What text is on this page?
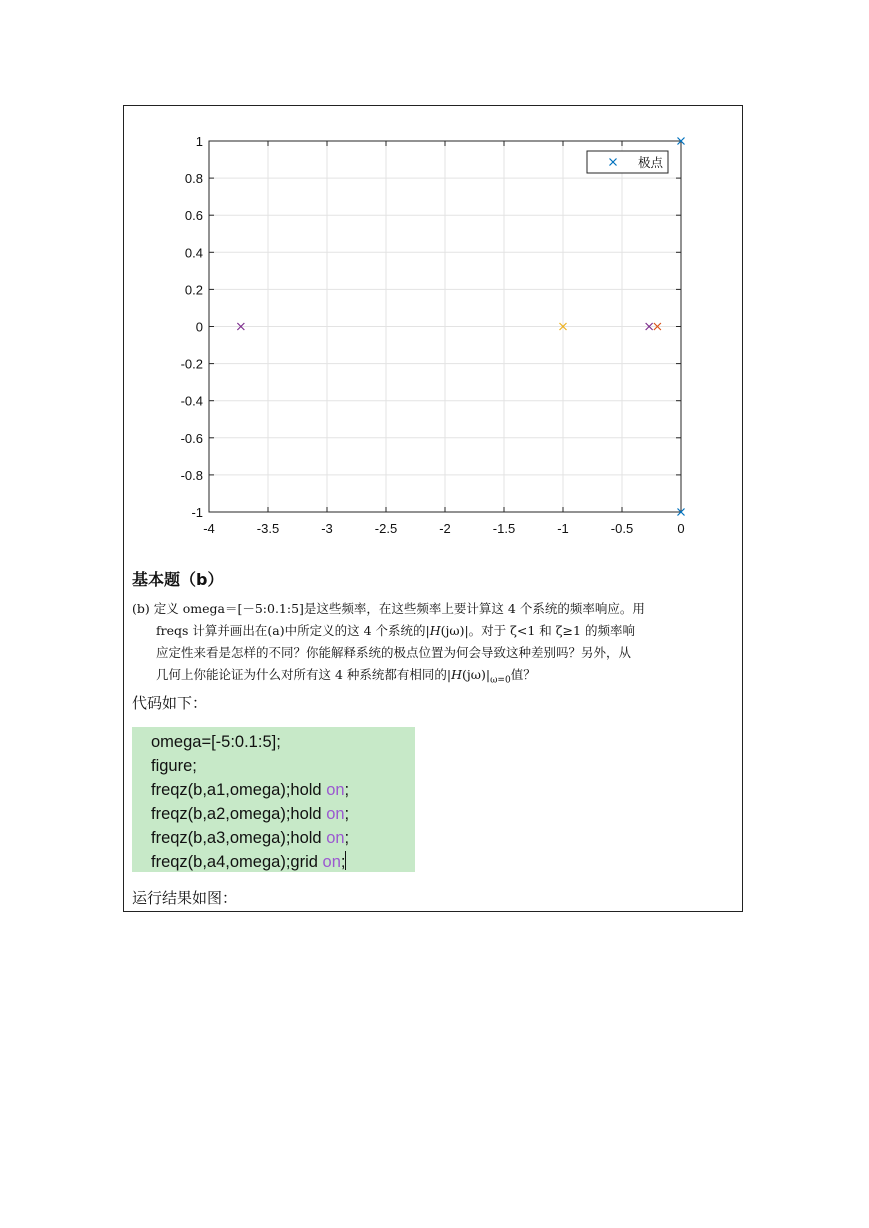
-4	-3.5	-3	-2.5	-2	-1.5	-1	-0.5	0
1
0.8
0.6
0.4
0.2
0
-0.2
-0.4
-0.6
-0.8
-1
极点
基本题（b）
(b) 定义 omega＝[－5:0.1:5]是这些频率，在这些频率上要计算这 4 个系统的频率响应。用
freqs 计算并画出在(a)中所定义的这 4 个系统的|H(jω)|。对于 ζ<1 和 ζ≥1 的频率响
应定性来看是怎样的不同？你能解释系统的极点位置为何会导致这种差别吗？另外，从
几何上你能论证为什么对所有这 4 种系统都有相同的$|H(j\omega)|_{\omega=0}$值？
代码如下：
omega=[-5:0.1:5];
figure;
freqz(b,a1,omega);hold on;
freqz(b,a2,omega);hold on;
freqz(b,a3,omega);hold on;
freqz(b,a4,omega);grid on;
运行结果如图：
